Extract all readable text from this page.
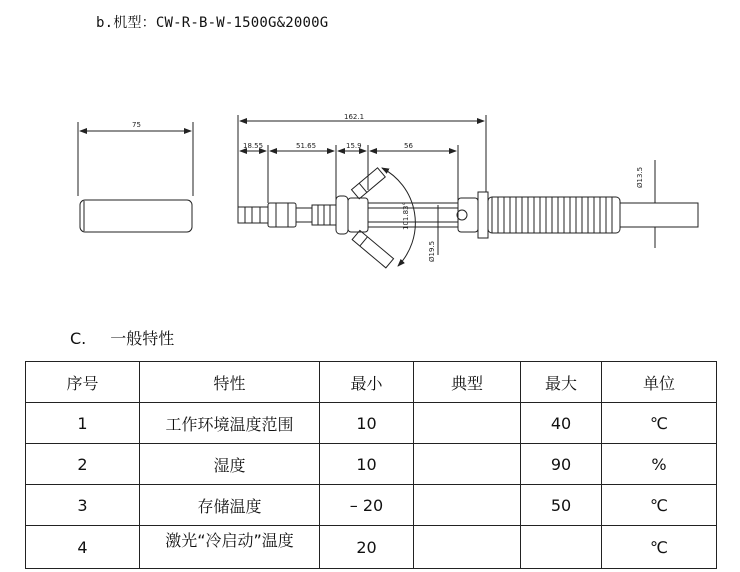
b.机型：CW-R-B-W-1500G&2000G
75
162.1
18.55	51.65	15.9	56
101.83°
Ø19.5
Ø13.5
C. 一般特性
序号	特性	最小	典型	最大	单位
1	工作环境温度范围	10		40	℃
2	湿度	10		90	%
3	存储温度	– 20		50	℃
4	激光“冷启动”温度	20			℃
